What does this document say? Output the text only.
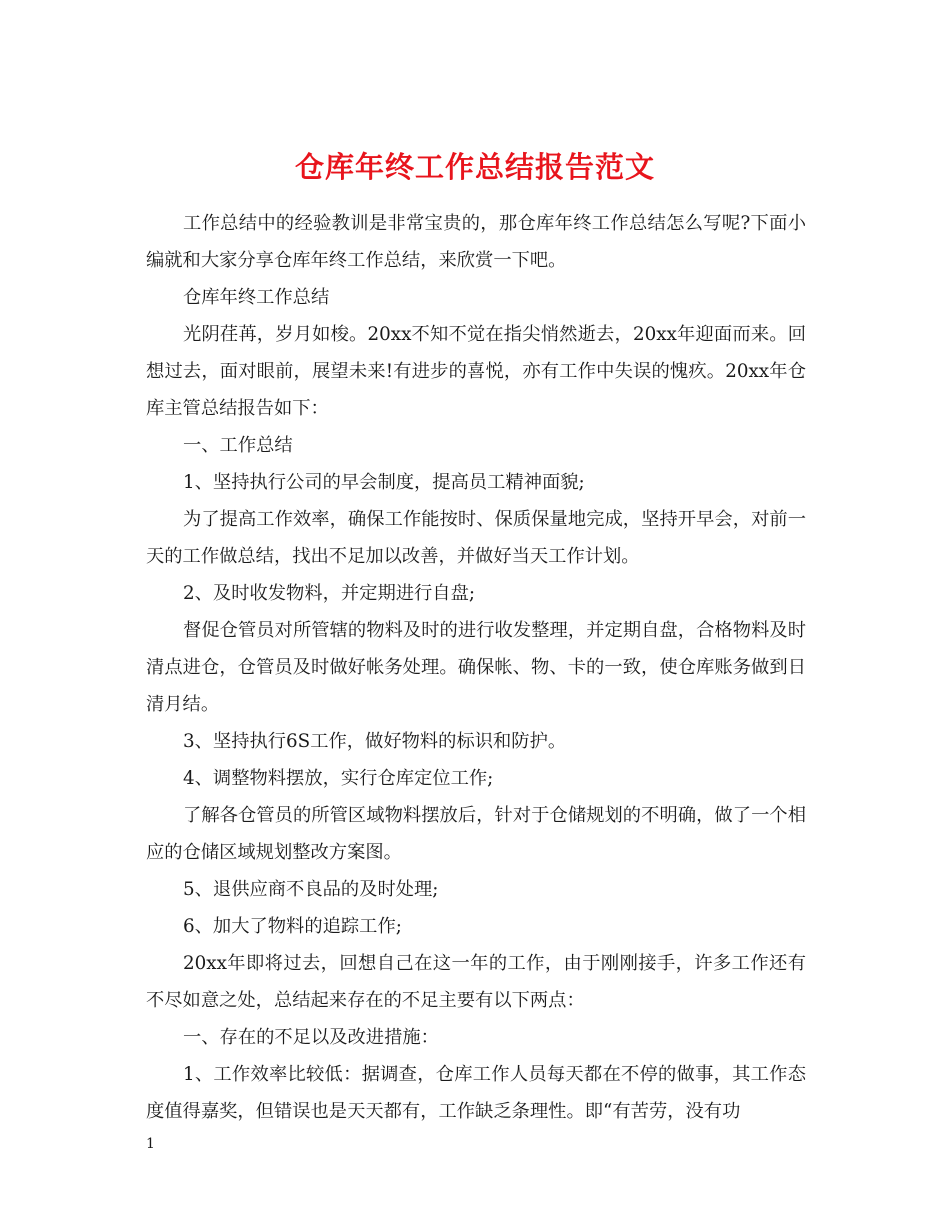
仓库年终工作总结报告范文

工作总结中的经验教训是非常宝贵的，那仓库年终工作总结怎么写呢?下面小编就和大家分享仓库年终工作总结，来欣赏一下吧。

仓库年终工作总结

光阴荏苒，岁月如梭。20xx不知不觉在指尖悄然逝去，20xx年迎面而来。回想过去，面对眼前，展望未来!有进步的喜悦，亦有工作中失误的愧疚。20xx年仓库主管总结报告如下：

一、工作总结

1、坚持执行公司的早会制度，提高员工精神面貌;

为了提高工作效率，确保工作能按时、保质保量地完成，坚持开早会，对前一天的工作做总结，找出不足加以改善，并做好当天工作计划。

2、及时收发物料，并定期进行自盘;

督促仓管员对所管辖的物料及时的进行收发整理，并定期自盘，合格物料及时清点进仓，仓管员及时做好帐务处理。确保帐、物、卡的一致，使仓库账务做到日清月结。

3、坚持执行6S工作，做好物料的标识和防护。

4、调整物料摆放，实行仓库定位工作;

了解各仓管员的所管区域物料摆放后，针对于仓储规划的不明确，做了一个相应的仓储区域规划整改方案图。

5、退供应商不良品的及时处理;

6、加大了物料的追踪工作;

20xx年即将过去，回想自己在这一年的工作，由于刚刚接手，许多工作还有不尽如意之处，总结起来存在的不足主要有以下两点：

一、存在的不足以及改进措施：

1、工作效率比较低：据调查，仓库工作人员每天都在不停的做事，其工作态度值得嘉奖，但错误也是天天都有，工作缺乏条理性。即“有苦劳，没有功

1
